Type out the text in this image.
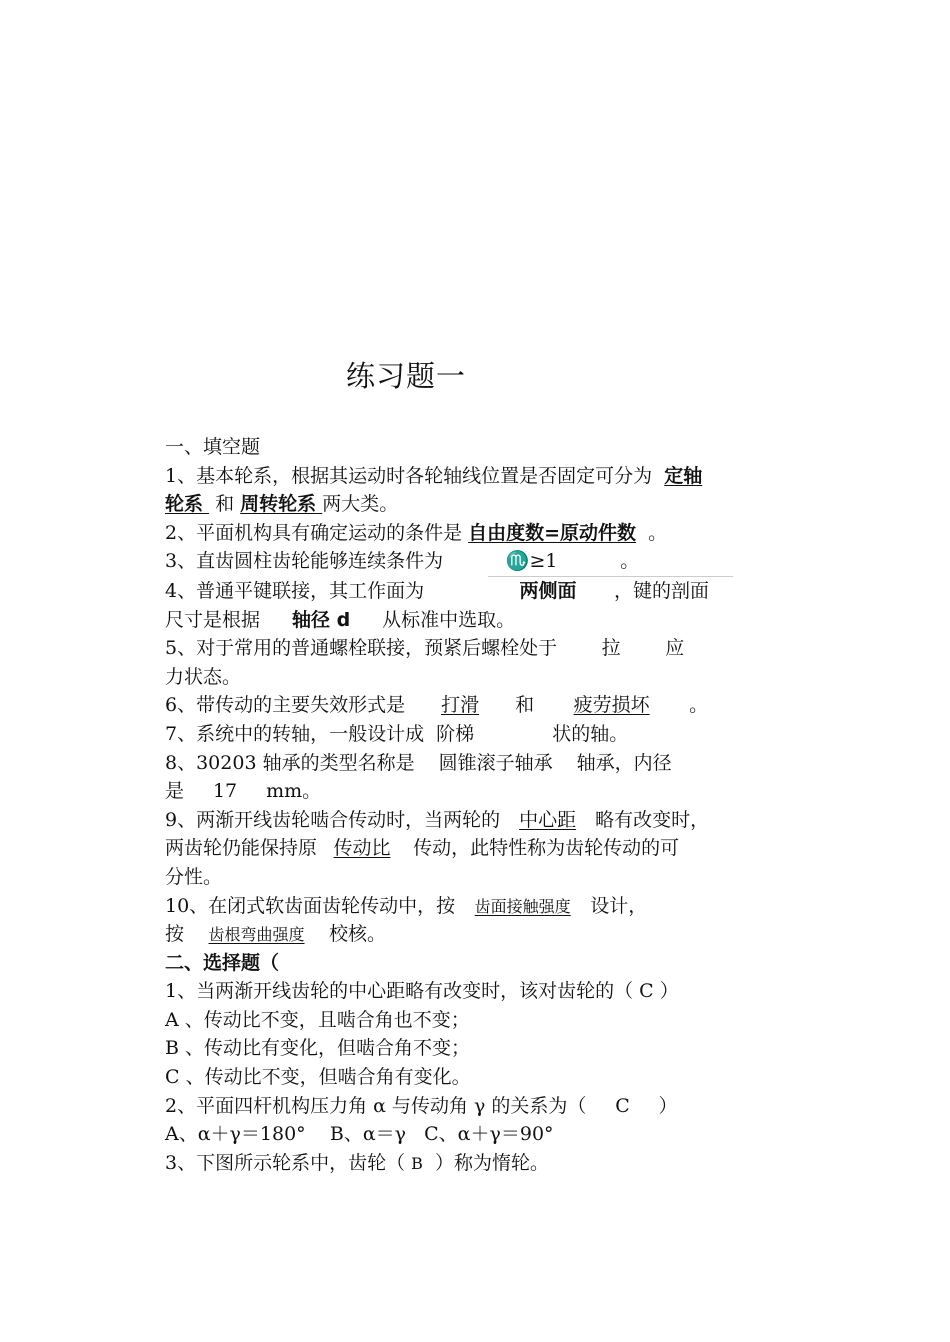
练习题一
一、填空题
1、基本轮系，根据其运动时各轮轴线位置是否固定可分为 定轴
轮系 和 周转轮系 两大类。
2、平面机构具有确定运动的条件是 自由度数=原动件数 。
3、直齿圆柱齿轮能够连续条件为	♏≥1	。
4、普通平键联接，其工作面为	两侧面 ，键的剖面
尺寸是根据 轴径 d 从标准中选取。
5、对于常用的普通螺栓联接，预紧后螺栓处于 拉 应
力状态。
6、带传动的主要失效形式是 打滑 和 疲劳损坏 。
7、系统中的转轴，一般设计成 阶梯	状的轴。
8、30203 轴承的类型名称是 圆锥滚子轴承 轴承，内径
是 17 mm。
9、两渐开线齿轮啮合传动时，当两轮的 中心距 略有改变时，
两齿轮仍能保持原 传动比 传动，此特性称为齿轮传动的可
分性。
10、在闭式软齿面齿轮传动中，按 齿面接触强度 设计，
按 齿根弯曲强度 校核。
二、选择题（
1、当两渐开线齿轮的中心距略有改变时，该对齿轮的（ C ）
A 、传动比不变，且啮合角也不变；
B 、传动比有变化，但啮合角不变；
C 、传动比不变，但啮合角有变化。
2、平面四杆机构压力角 α 与传动角 γ 的关系为（ C ）
A、α＋γ＝180° B、α＝γ C、α＋γ＝90°
3、下图所示轮系中，齿轮（ B ）称为惰轮。
